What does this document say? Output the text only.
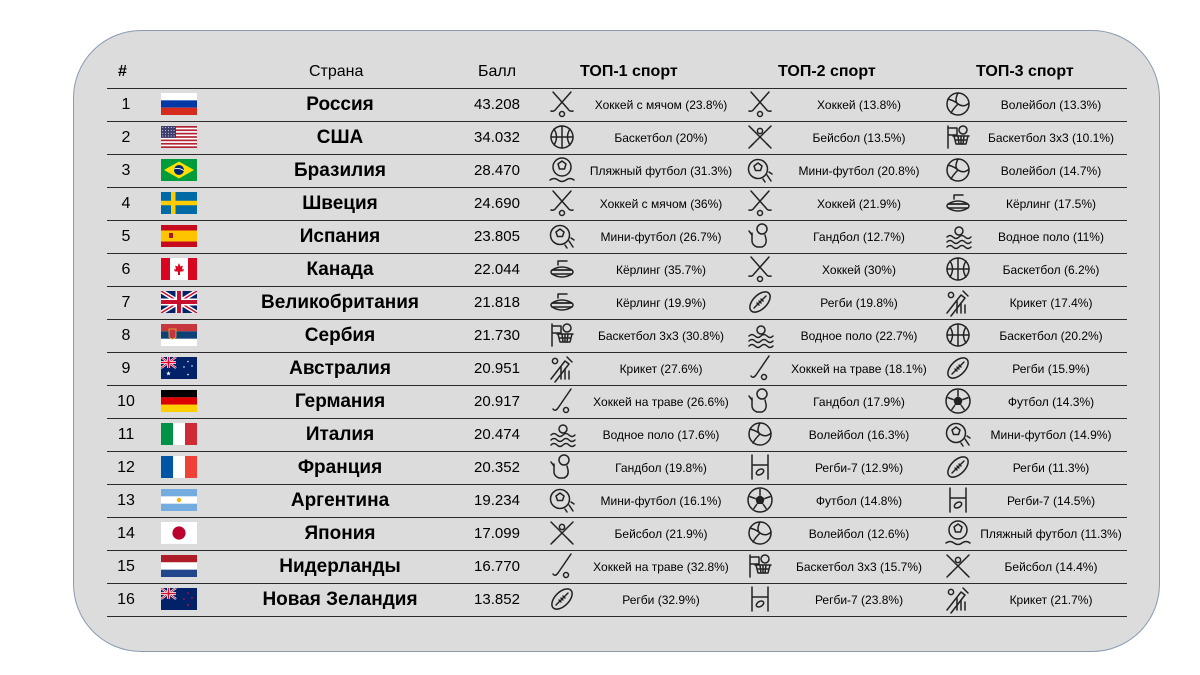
#	Страна	Балл	ТОП-1 спорт	ТОП-2 спорт	ТОП-3 спорт
1	Россия	43.208	Хоккей с мячом (23.8%)	Хоккей (13.8%)	Волейбол (13.3%)
2	США	34.032	Баскетбол (20%)	Бейсбол (13.5%)	Баскетбол 3х3 (10.1%)
3	Бразилия	28.470	Пляжный футбол (31.3%)	Мини-футбол (20.8%)	Волейбол (14.7%)
4	Швеция	24.690	Хоккей с мячом (36%)	Хоккей (21.9%)	Кёрлинг (17.5%)
5	Испания	23.805	Мини-футбол (26.7%)	Гандбол (12.7%)	Водное поло (11%)
6	Канада	22.044	Кёрлинг (35.7%)	Хоккей (30%)	Баскетбол (6.2%)
7	Великобритания	21.818	Кёрлинг (19.9%)	Регби (19.8%)	Крикет (17.4%)
8	Сербия	21.730	Баскетбол 3х3 (30.8%)	Водное поло (22.7%)	Баскетбол (20.2%)
9	Австралия	20.951	Крикет (27.6%)	Хоккей на траве (18.1%)	Регби (15.9%)
10	Германия	20.917	Хоккей на траве (26.6%)	Гандбол (17.9%)	Футбол (14.3%)
11	Италия	20.474	Водное поло (17.6%)	Волейбол (16.3%)	Мини-футбол (14.9%)
12	Франция	20.352	Гандбол (19.8%)	Регби-7 (12.9%)	Регби (11.3%)
13	Аргентина	19.234	Мини-футбол (16.1%)	Футбол (14.8%)	Регби-7 (14.5%)
14	Япония	17.099	Бейсбол (21.9%)	Волейбол (12.6%)	Пляжный футбол (11.3%)
15	Нидерланды	16.770	Хоккей на траве (32.8%)	Баскетбол 3х3 (15.7%)	Бейсбол (14.4%)
16	Новая Зеландия	13.852	Регби (32.9%)	Регби-7 (23.8%)	Крикет (21.7%)
